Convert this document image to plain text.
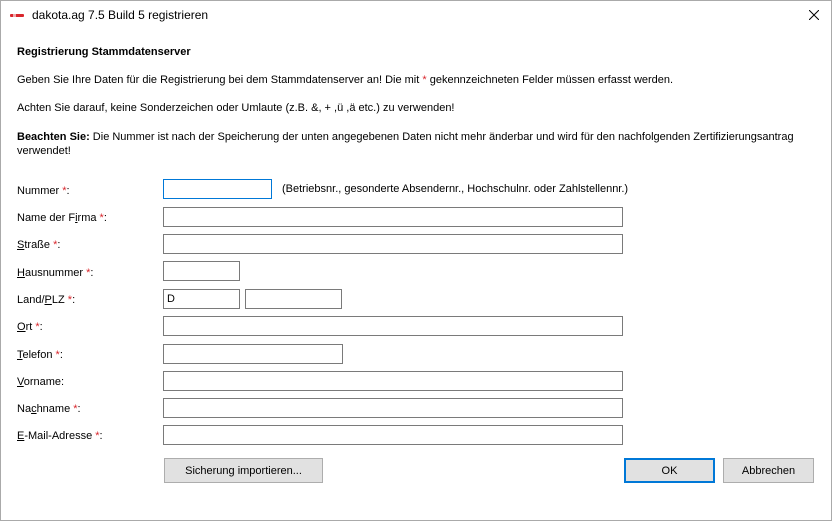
dakota.ag 7.5 Build 5 registrieren
Registrierung Stammdatenserver
Geben Sie Ihre Daten für die Registrierung bei dem Stammdatenserver an! Die mit * gekennzeichneten Felder müssen erfasst werden.
Achten Sie darauf, keine Sonderzeichen oder Umlaute (z.B. &, + ,ü ,ä etc.) zu verwenden!
Beachten Sie: Die Nummer ist nach der Speicherung der unten angegebenen Daten nicht mehr änderbar und wird für den nachfolgenden Zertifizierungsantrag verwendet!
Nummer *:	(Betriebsnr., gesonderte Absendernr., Hochschulnr. oder Zahlstellennr.)
Name der Firma *:
Straße *:
Hausnummer *:
Land/PLZ *:
D
Ort *:
Telefon *:
Vorname:
Nachname *:
E-Mail-Adresse *:
Sicherung importieren...	OK	Abbrechen
